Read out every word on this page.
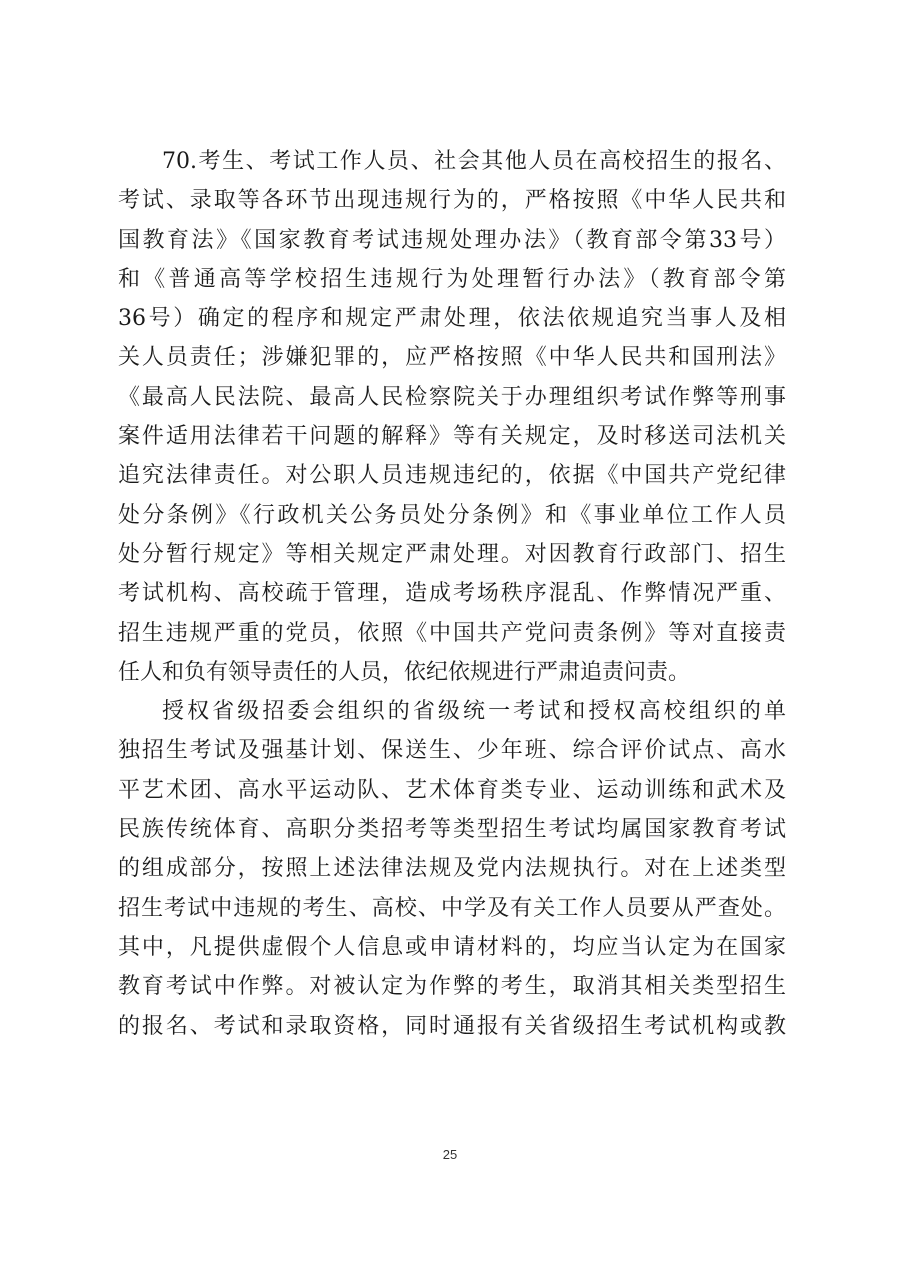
70.考生、考试工作人员、社会其他人员在高校招生的报名、
考试、录取等各环节出现违规行为的，严格按照《中华人民共和
国教育法》《国家教育考试违规处理办法》（教育部令第33号）
和《普通高等学校招生违规行为处理暂行办法》（教育部令第
36号）确定的程序和规定严肃处理，依法依规追究当事人及相
关人员责任；涉嫌犯罪的，应严格按照《中华人民共和国刑法》
《最高人民法院、最高人民检察院关于办理组织考试作弊等刑事
案件适用法律若干问题的解释》等有关规定，及时移送司法机关
追究法律责任。对公职人员违规违纪的，依据《中国共产党纪律
处分条例》《行政机关公务员处分条例》和《事业单位工作人员
处分暂行规定》等相关规定严肃处理。对因教育行政部门、招生
考试机构、高校疏于管理，造成考场秩序混乱、作弊情况严重、
招生违规严重的党员，依照《中国共产党问责条例》等对直接责
任人和负有领导责任的人员，依纪依规进行严肃追责问责。
授权省级招委会组织的省级统一考试和授权高校组织的单
独招生考试及强基计划、保送生、少年班、综合评价试点、高水
平艺术团、高水平运动队、艺术体育类专业、运动训练和武术及
民族传统体育、高职分类招考等类型招生考试均属国家教育考试
的组成部分，按照上述法律法规及党内法规执行。对在上述类型
招生考试中违规的考生、高校、中学及有关工作人员要从严查处。
其中，凡提供虚假个人信息或申请材料的，均应当认定为在国家
教育考试中作弊。对被认定为作弊的考生，取消其相关类型招生
的报名、考试和录取资格，同时通报有关省级招生考试机构或教
25
